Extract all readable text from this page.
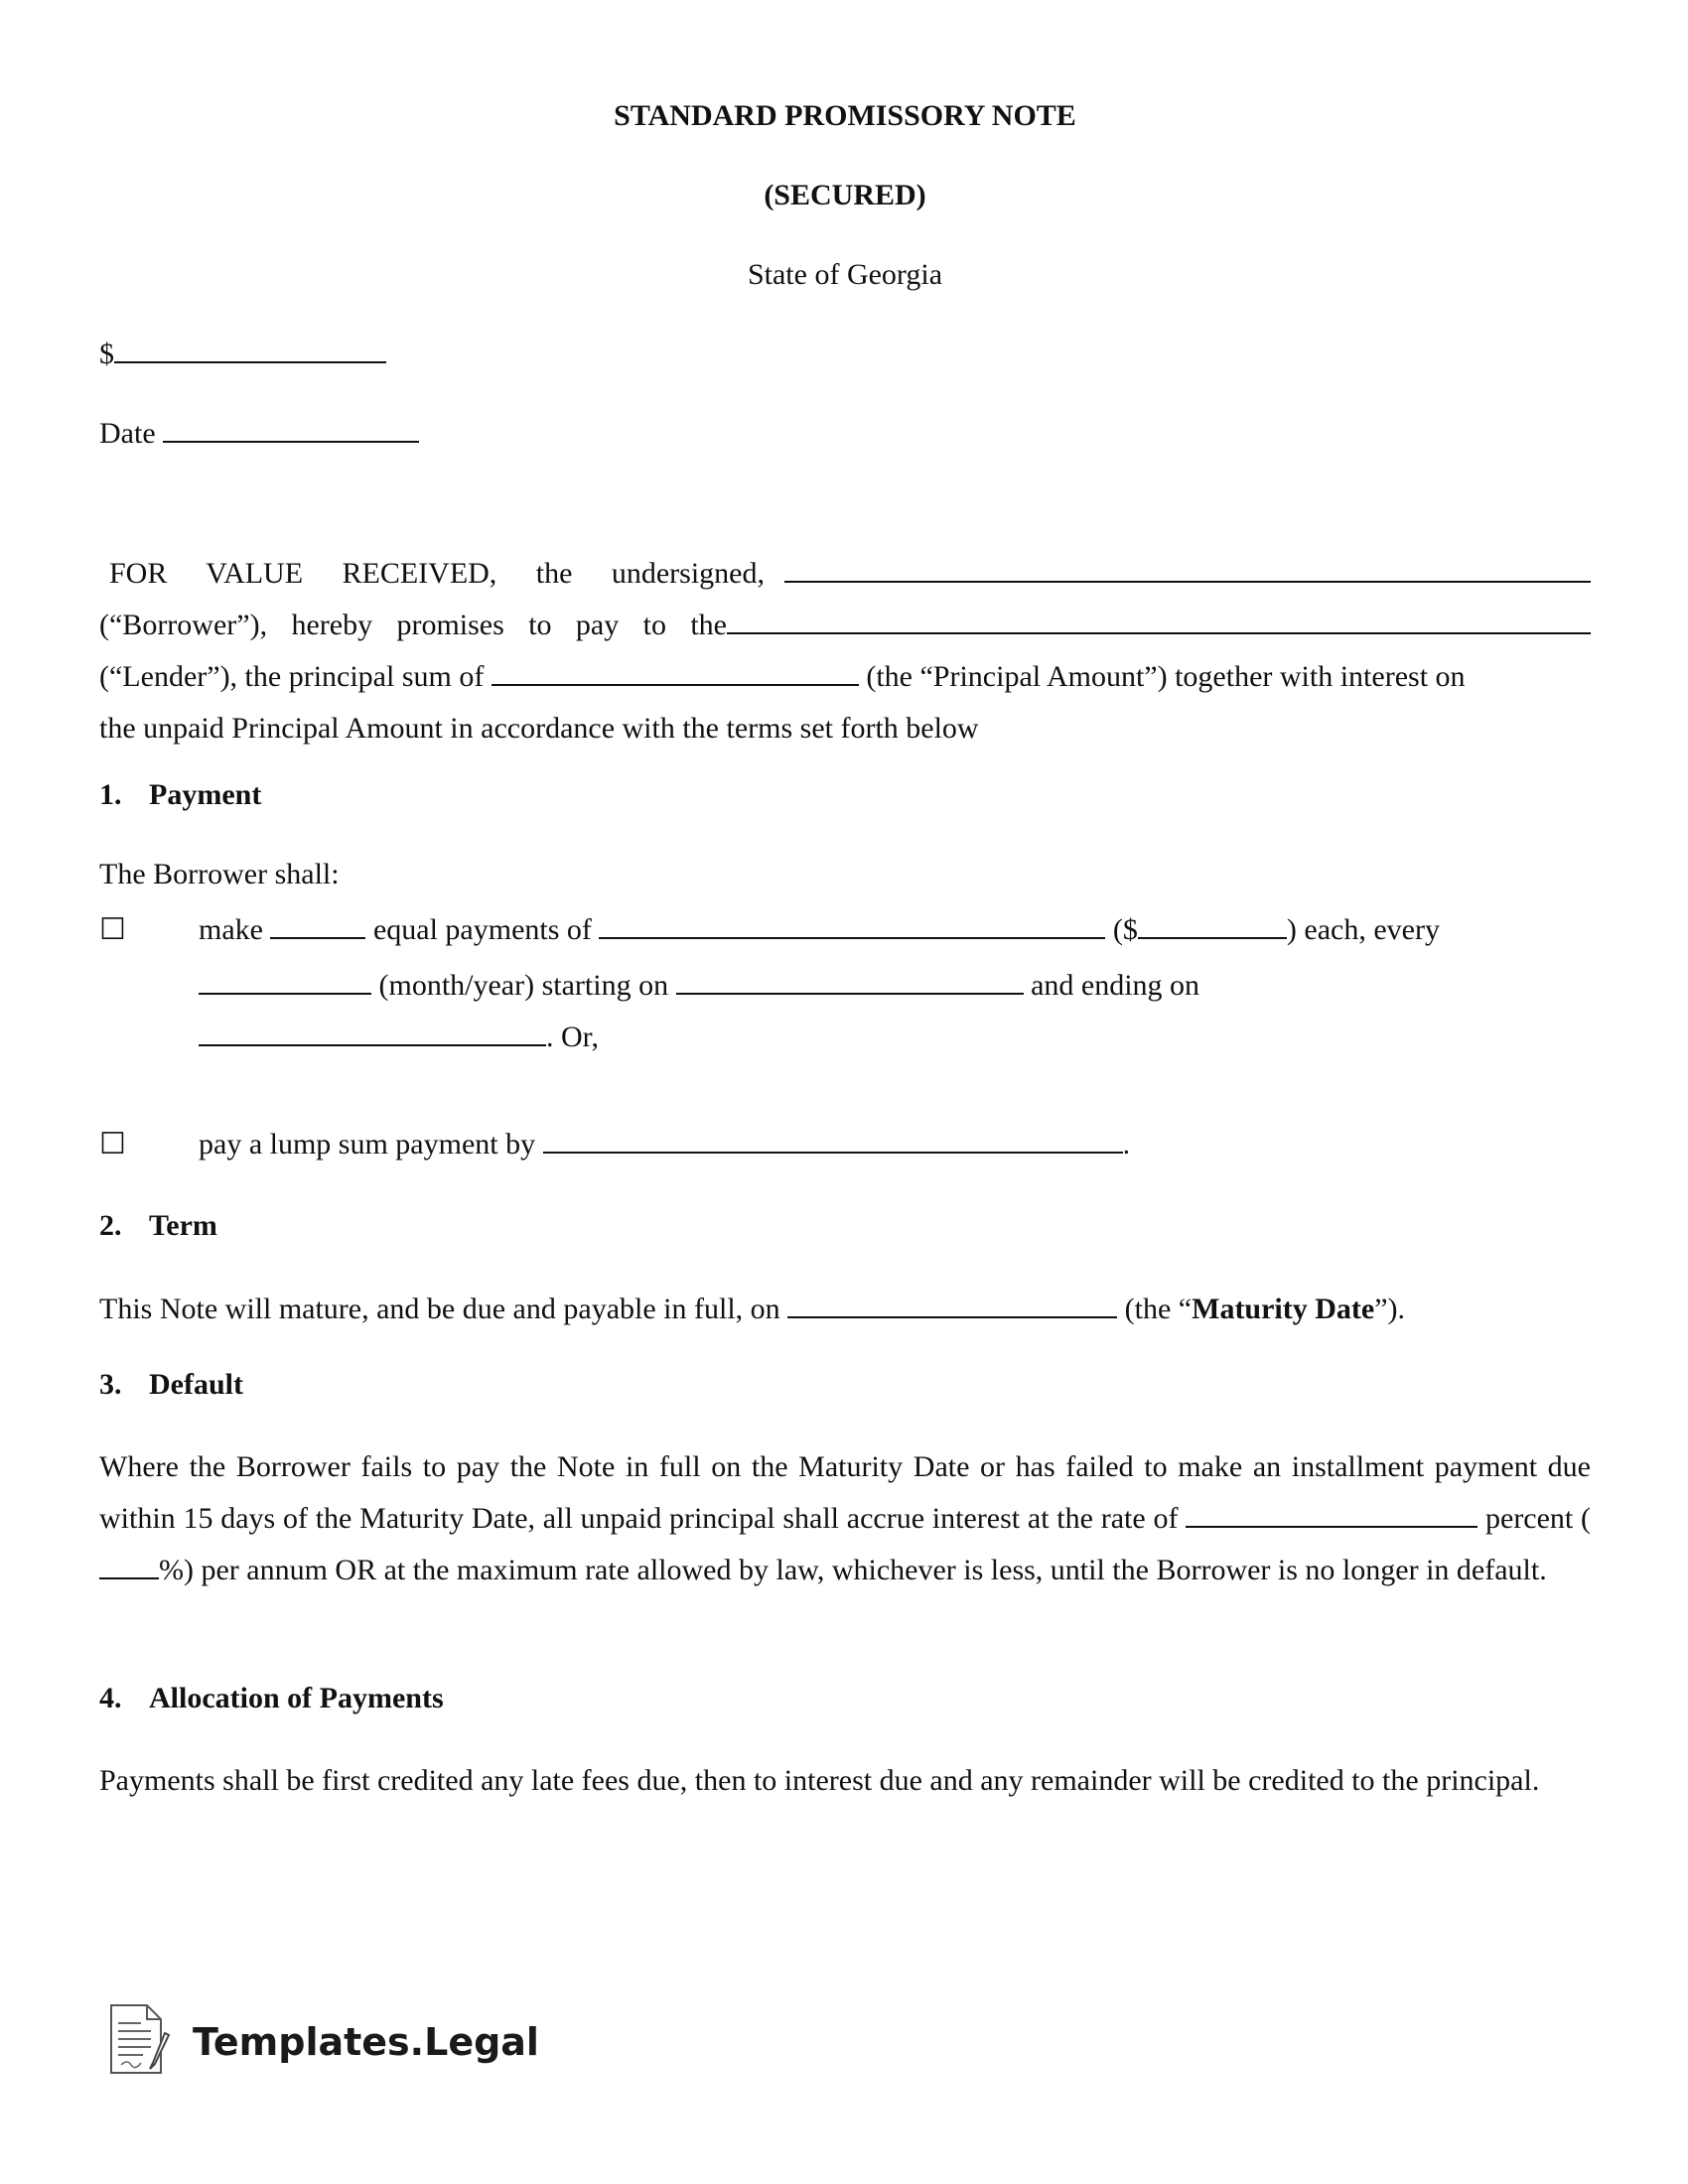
STANDARD PROMISSORY NOTE
(SECURED)
State of Georgia
$
Date
FOR VALUE RECEIVED, the undersigned,
(“Borrower”), hereby promises to pay to the
(“Lender”), the principal sum of	(the “Principal Amount”) together with interest on
the unpaid Principal Amount in accordance with the terms set forth below
1. Payment
The Borrower shall:
☐ make	equal payments of	($	) each, every
(month/year) starting on	and ending on
. Or,
☐ pay a lump sum payment by	.
2. Term
This Note will mature, and be due and payable in full, on	(the “Maturity Date”).
3. Default
Where the Borrower fails to pay the Note in full on the Maturity Date or has failed to make an installment payment due within 15 days of the Maturity Date, all unpaid principal shall accrue interest at the rate of	percent (%) per annum OR at the maximum rate allowed by law, whichever is less, until the Borrower is no longer in default.
4. Allocation of Payments
Payments shall be first credited any late fees due, then to interest due and any remainder will be credited to the principal.
Templates.Legal
